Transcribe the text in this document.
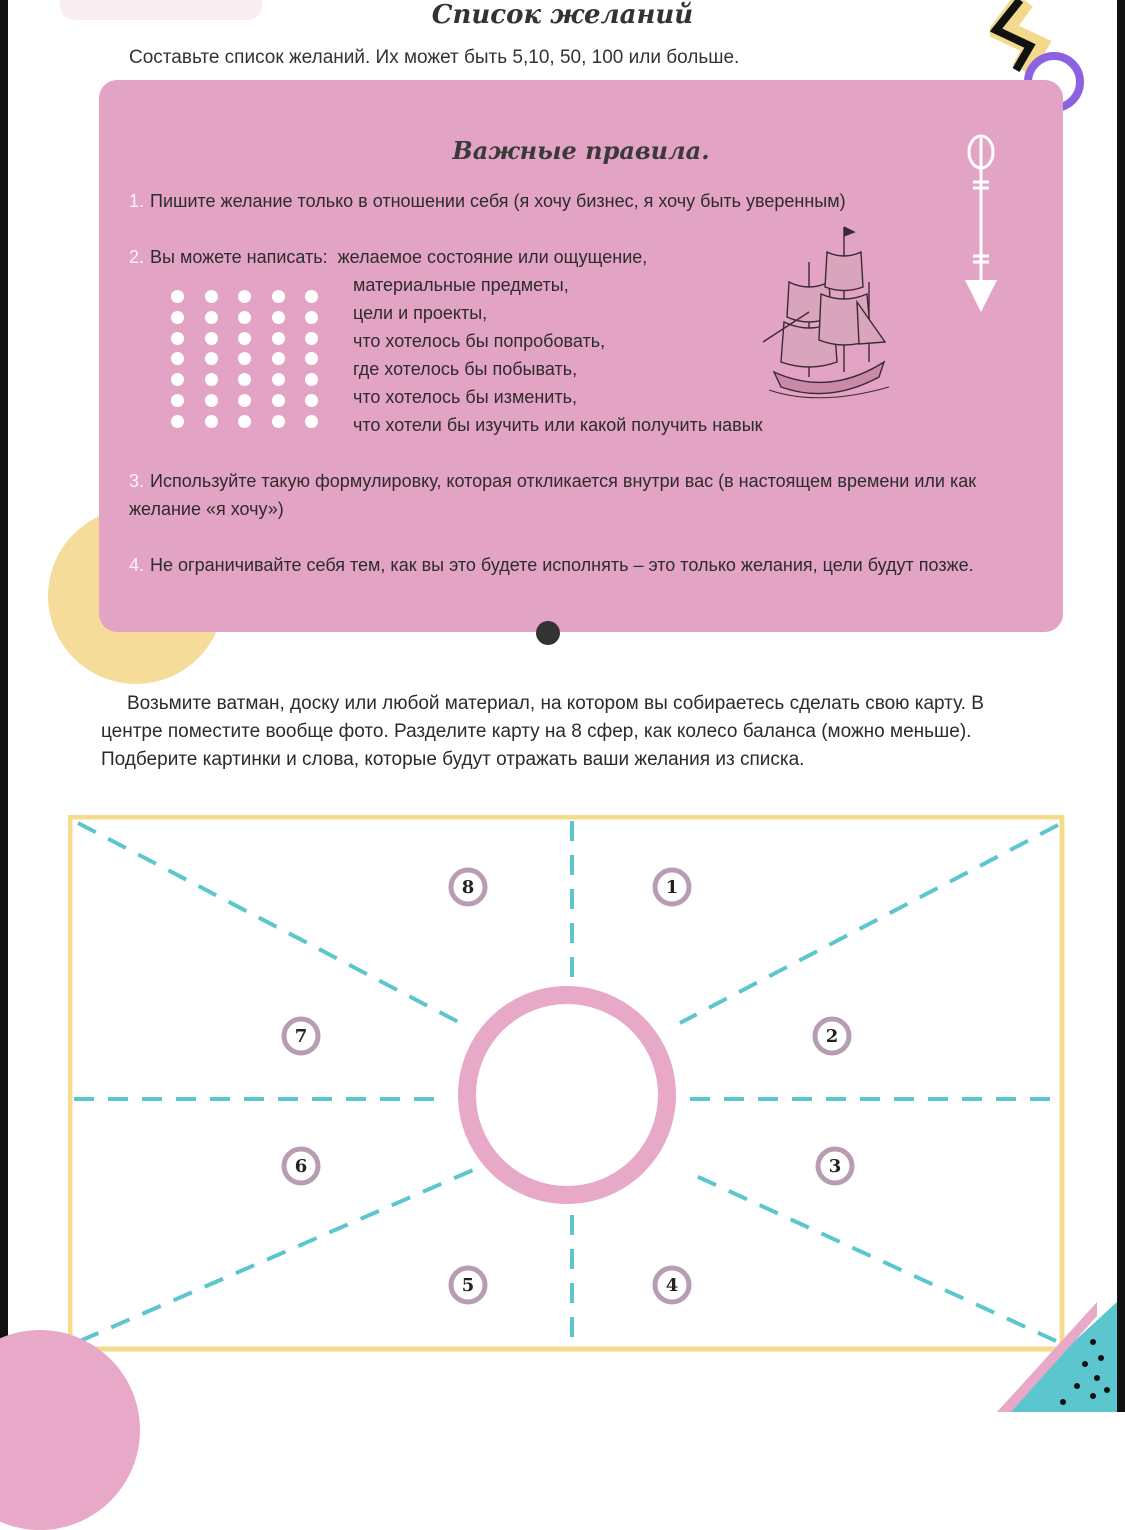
Список желаний
Составьте список желаний. Их может быть 5,10, 50, 100 или больше.
Важные правила.
1. Пишите желание только в отношении себя (я хочу бизнес, я хочу быть уверенным)
2. Вы можете написать:  желаемое состояние или ощущение,
материальные предметы,
цели и проекты,
что хотелось бы попробовать,
где хотелось бы побывать,
что хотелось бы изменить,
что хотели бы изучить или какой получить навык
3. Используйте такую формулировку, которая откликается внутри вас (в настоящем времени или как желание «я хочу»)
4. Не ограничивайте себя тем, как вы это будете исполнять – это только желания, цели будут позже.
Возьмите ватман, доску или любой материал, на котором вы собираетесь сделать свою карту. В центре поместите вообще фото. Разделите карту на 8 сфер, как колесо баланса (можно меньше). Подберите картинки и слова, которые будут отражать ваши желания из списка.
1
2
3
4
5
6
7
8
